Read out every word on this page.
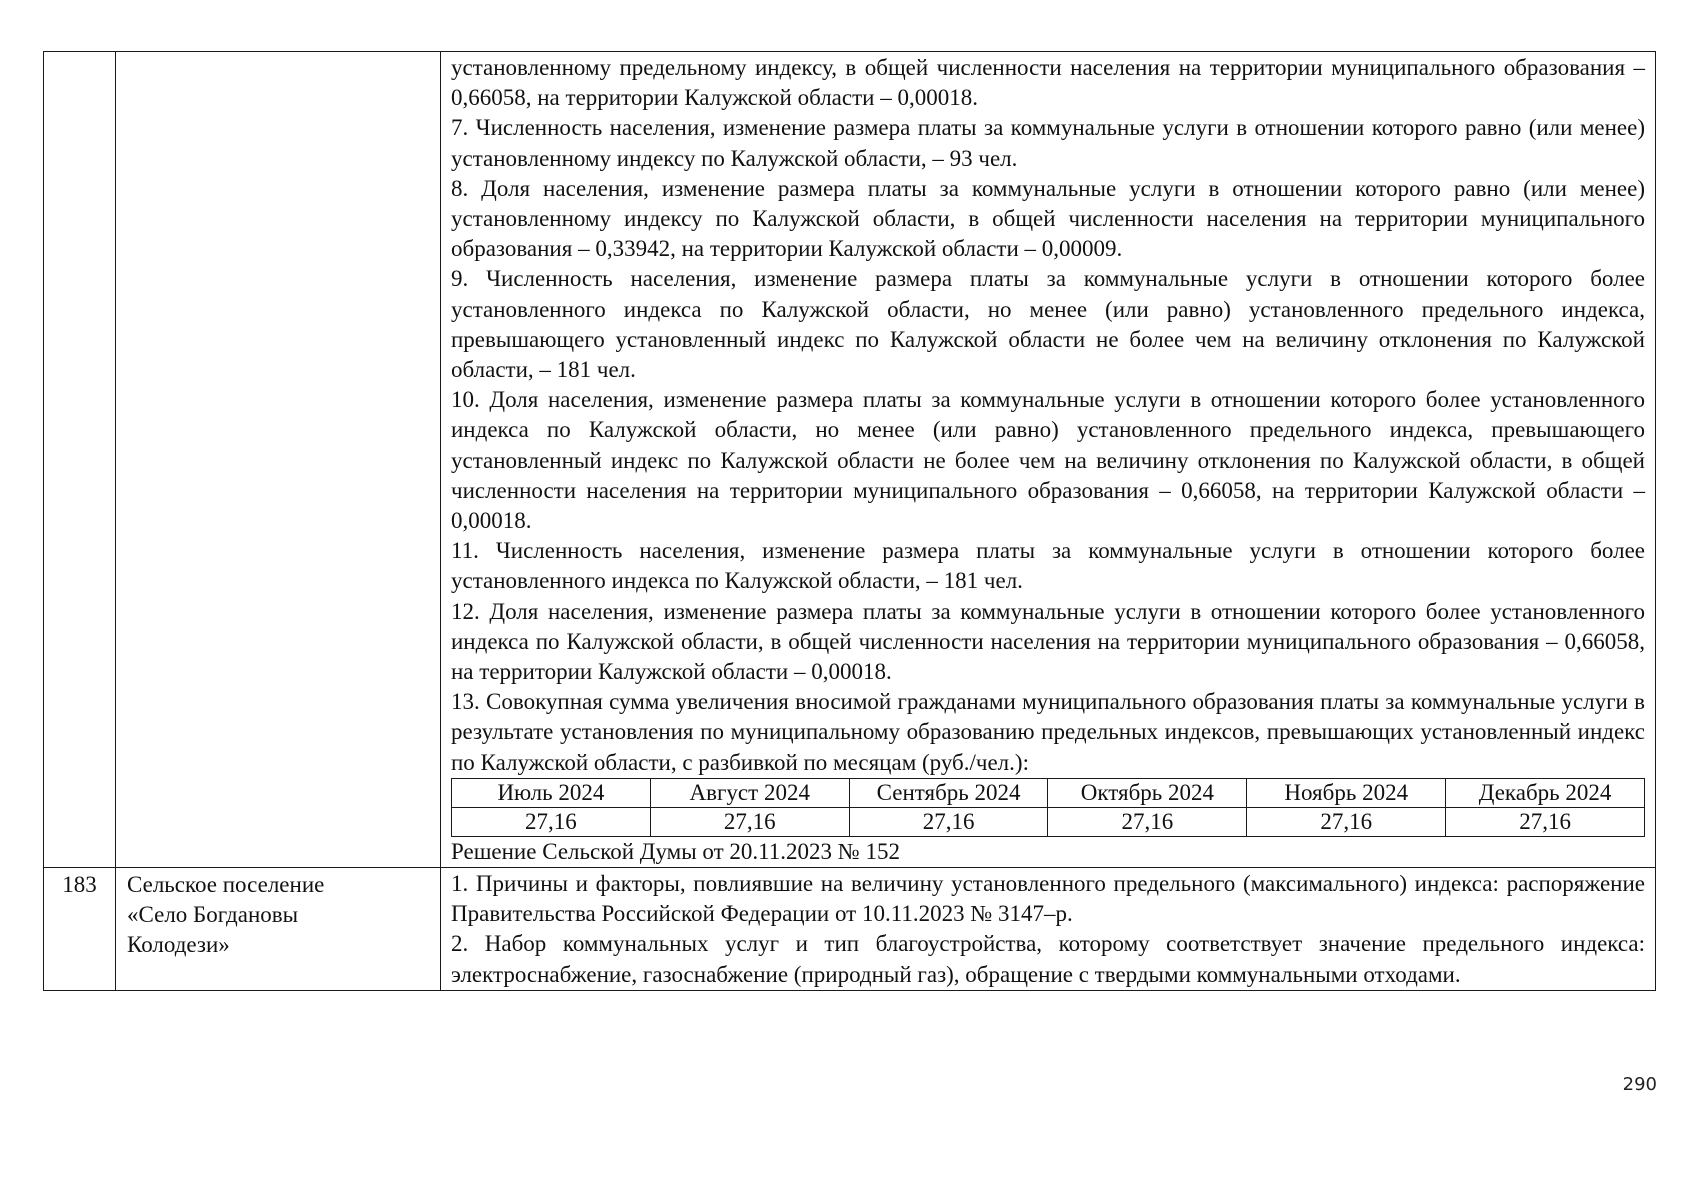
установленному предельному индексу, в общей численности населения на территории муниципального образования – 0,66058, на территории Калужской области – 0,00018.

7. Численность населения, изменение размера платы за коммунальные услуги в отношении которого равно (или менее) установленному индексу по Калужской области, – 93 чел.

8. Доля населения, изменение размера платы за коммунальные услуги в отношении которого равно (или менее) установленному индексу по Калужской области, в общей численности населения на территории муниципального образования – 0,33942, на территории Калужской области – 0,00009.

9. Численность населения, изменение размера платы за коммунальные услуги в отношении которого более установленного индекса по Калужской области, но менее (или равно) установленного предельного индекса, превышающего установленный индекс по Калужской области не более чем на величину отклонения по Калужской области, – 181 чел.

10. Доля населения, изменение размера платы за коммунальные услуги в отношении которого более установленного индекса по Калужской области, но менее (или равно) установленного предельного индекса, превышающего установленный индекс по Калужской области не более чем на величину отклонения по Калужской области, в общей численности населения на территории муниципального образования – 0,66058, на территории Калужской области – 0,00018.

11. Численность населения, изменение размера платы за коммунальные услуги в отношении которого более установленного индекса по Калужской области, – 181 чел.

12. Доля населения, изменение размера платы за коммунальные услуги в отношении которого более установленного индекса по Калужской области, в общей численности населения на территории муниципального образования – 0,66058, на территории Калужской области – 0,00018.

13. Совокупная сумма увеличения вносимой гражданами муниципального образования платы за коммунальные услуги в результате установления по муниципальному образованию предельных индексов, превышающих установленный индекс по Калужской области, с разбивкой по месяцам (руб./чел.):

Июль 2024	Август 2024	Сентябрь 2024	Октябрь 2024	Ноябрь 2024	Декабрь 2024
27,16	27,16	27,16	27,16	27,16	27,16

Решение Сельской Думы от 20.11.2023 № 152

183	Сельское поселение
«Село Богдановы
Колодези»

1. Причины и факторы, повлиявшие на величину установленного предельного (максимального) индекса: распоряжение Правительства Российской Федерации от 10.11.2023 № 3147–р.

2. Набор коммунальных услуг и тип благоустройства, которому соответствует значение предельного индекса: электроснабжение, газоснабжение (природный газ), обращение с твердыми коммунальными отходами.

290
